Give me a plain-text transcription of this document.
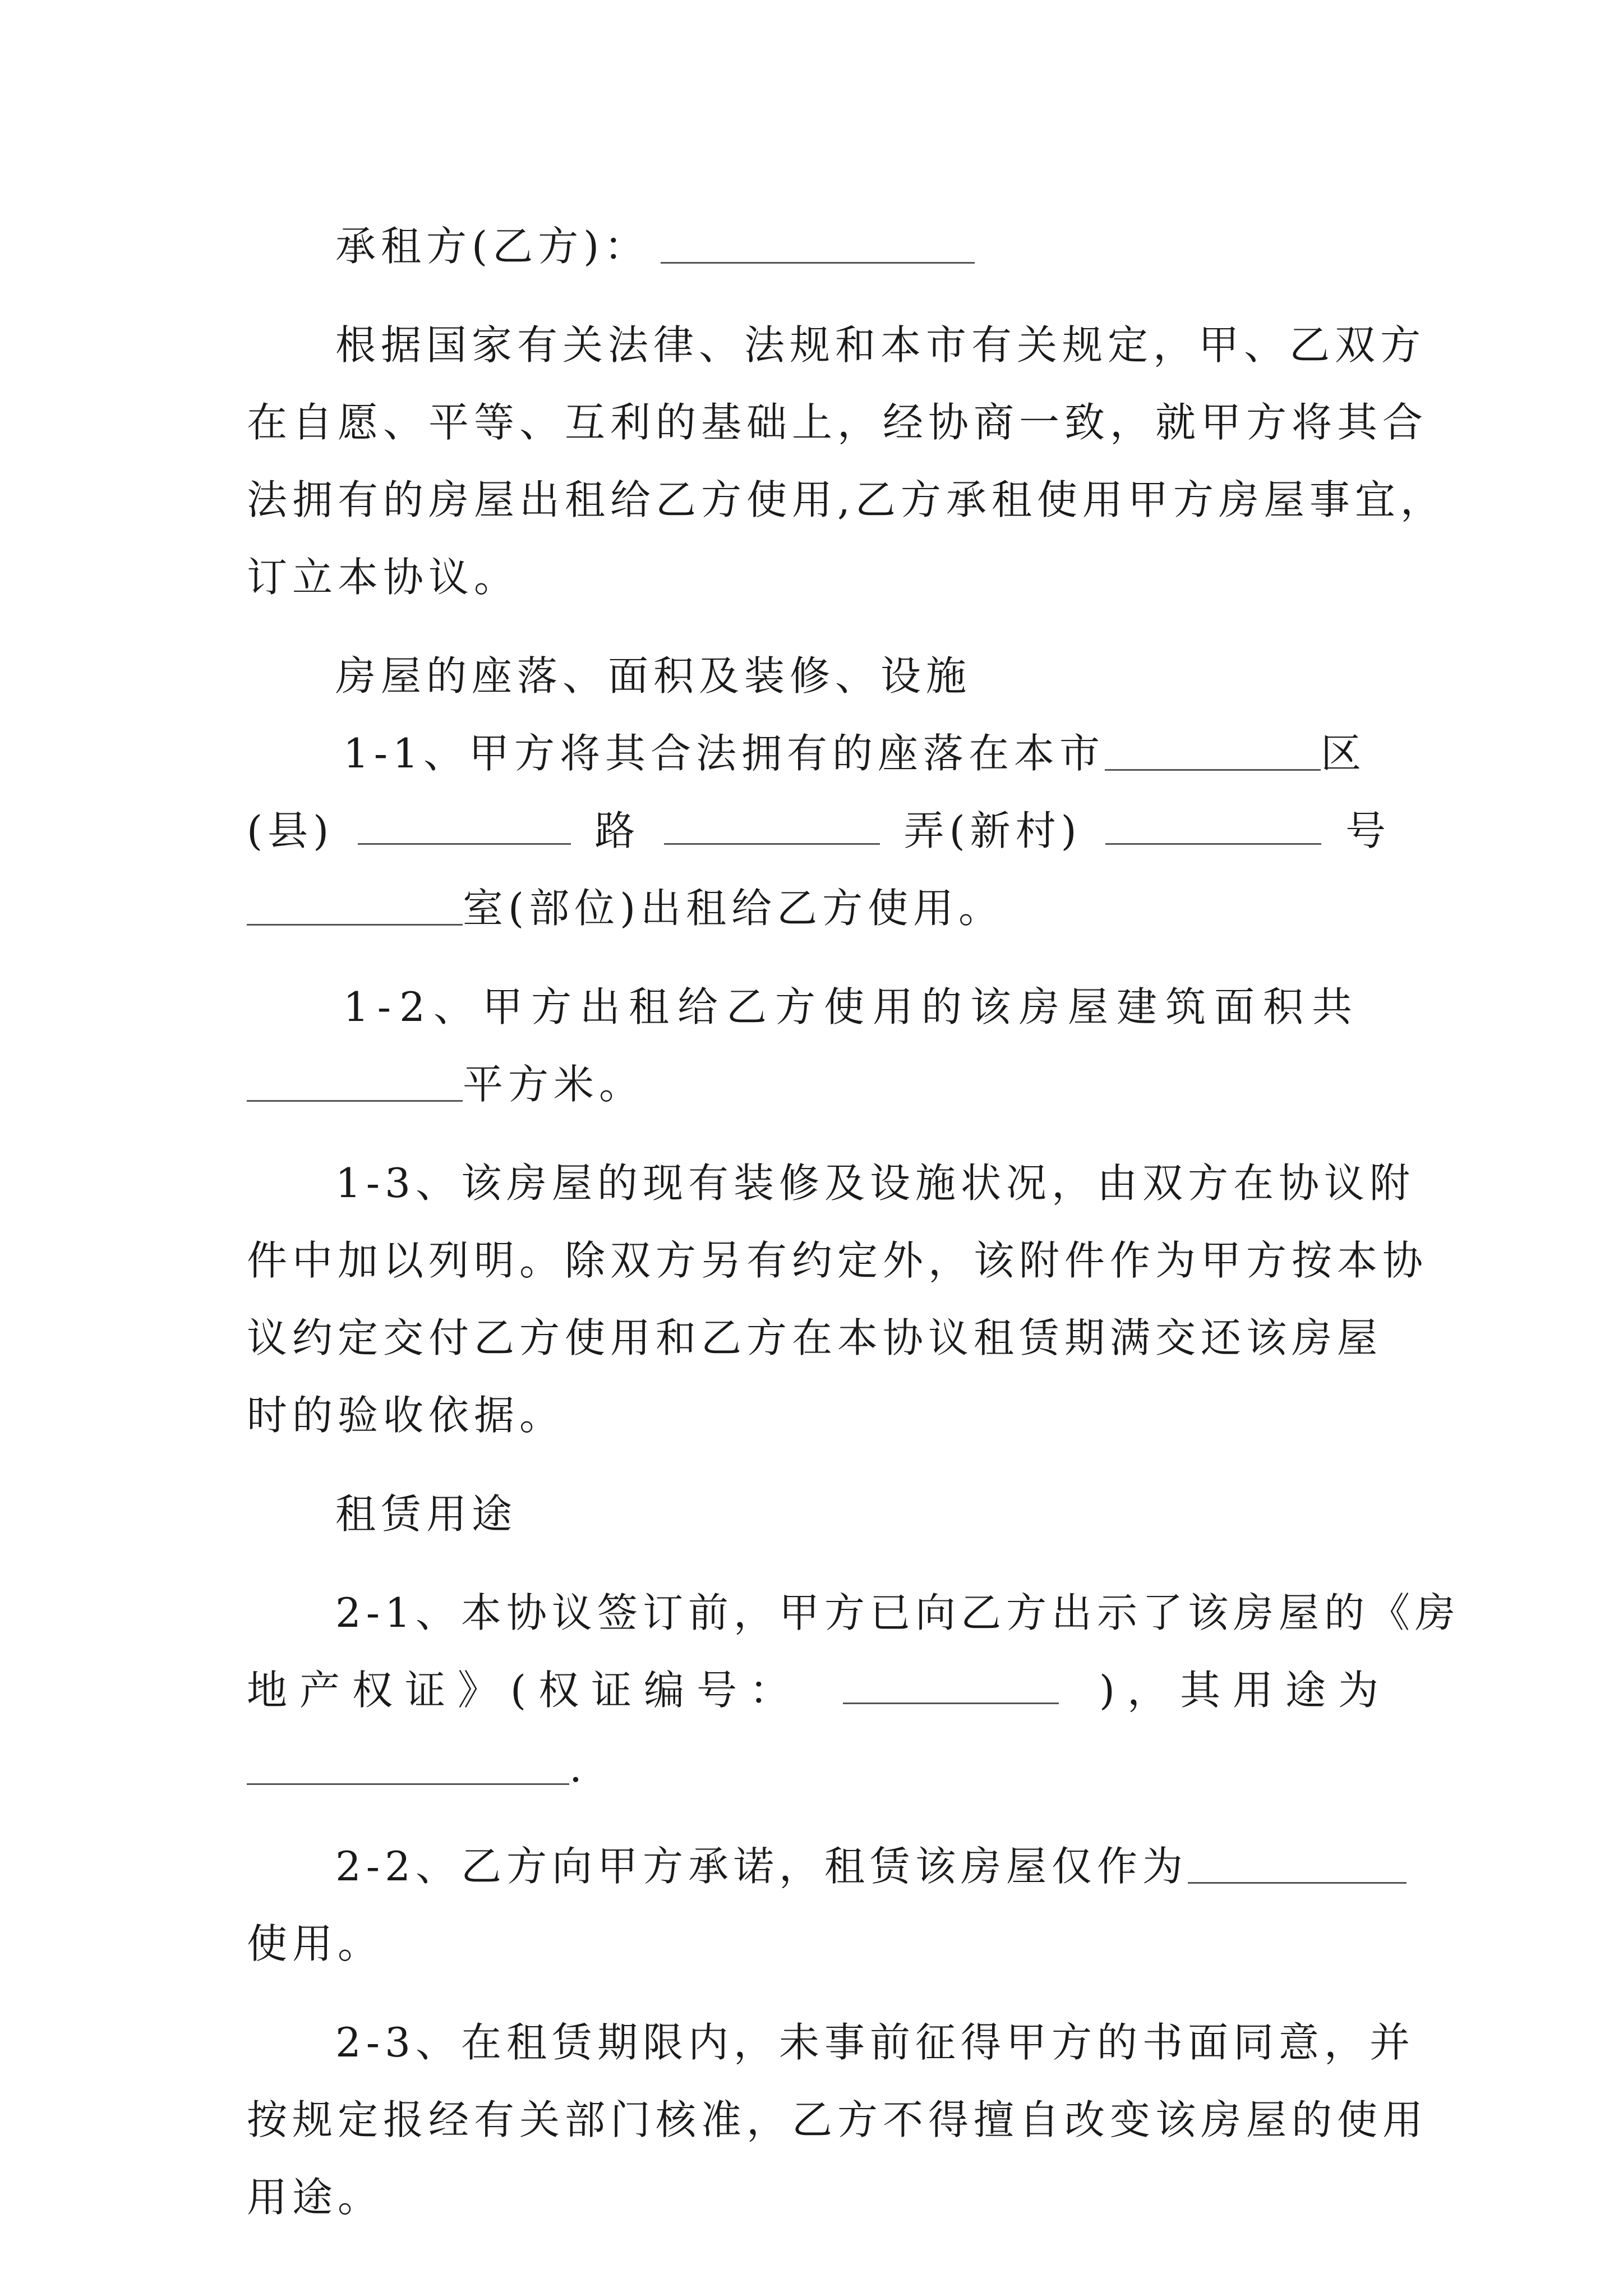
承租方(乙方)：
根据国家有关法律、法规和本市有关规定，甲、乙双方
在自愿、平等、互利的基础上，经协商一致，就甲方将其合
法拥有的房屋出租给乙方使用,乙方承租使用甲方房屋事宜，
订立本协议。
房屋的座落、面积及装修、设施
1-1、甲方将其合法拥有的座落在本市	区
(县)	路	弄(新村)	号
室(部位)出租给乙方使用。
1-2、甲方出租给乙方使用的该房屋建筑面积共
平方米。
1-3、该房屋的现有装修及设施状况，由双方在协议附
件中加以列明。除双方另有约定外，该附件作为甲方按本协
议约定交付乙方使用和乙方在本协议租赁期满交还该房屋
时的验收依据。
租赁用途
2-1、本协议签订前，甲方已向乙方出示了该房屋的《房
地产权证》(权证编号：	)，其用途为
.
2-2、乙方向甲方承诺，租赁该房屋仅作为
使用。
2-3、在租赁期限内，未事前征得甲方的书面同意，并
按规定报经有关部门核准，乙方不得擅自改变该房屋的使用
用途。
